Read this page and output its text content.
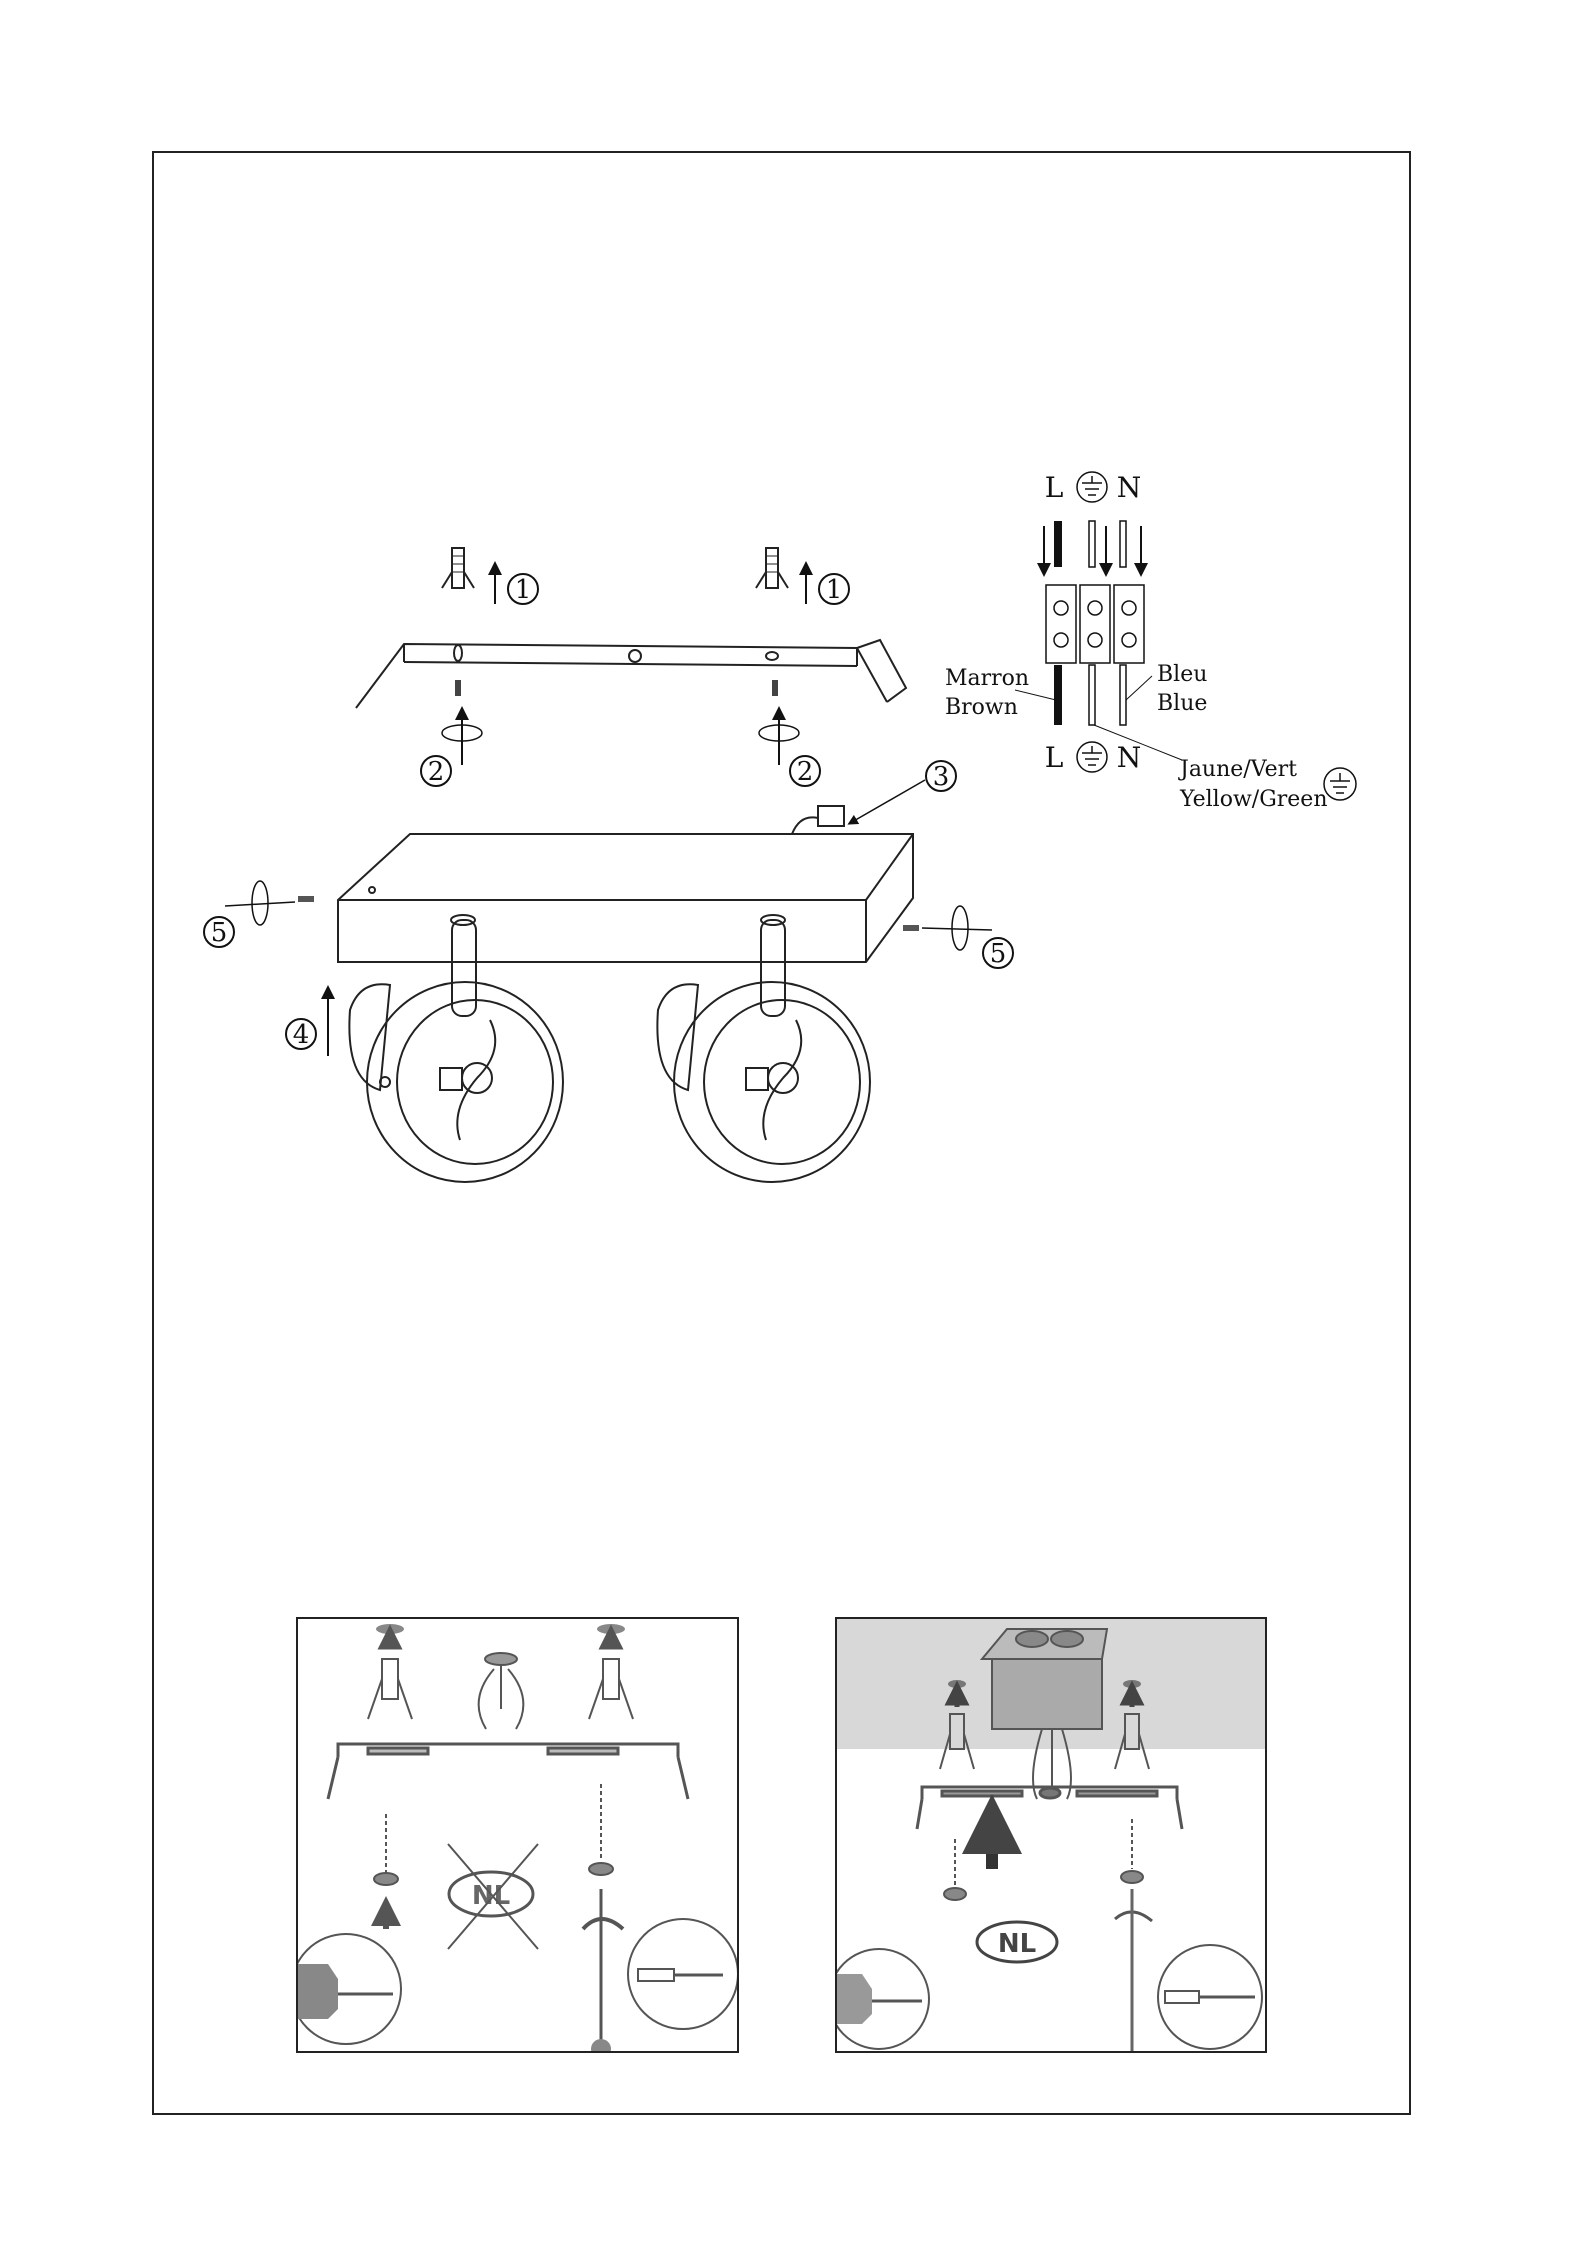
1	1
2	2	3
5
5
4
L N
L N
Marron
Brown
Bleu
Blue
Jaune/Vert
Yellow/Green
NL
NL
